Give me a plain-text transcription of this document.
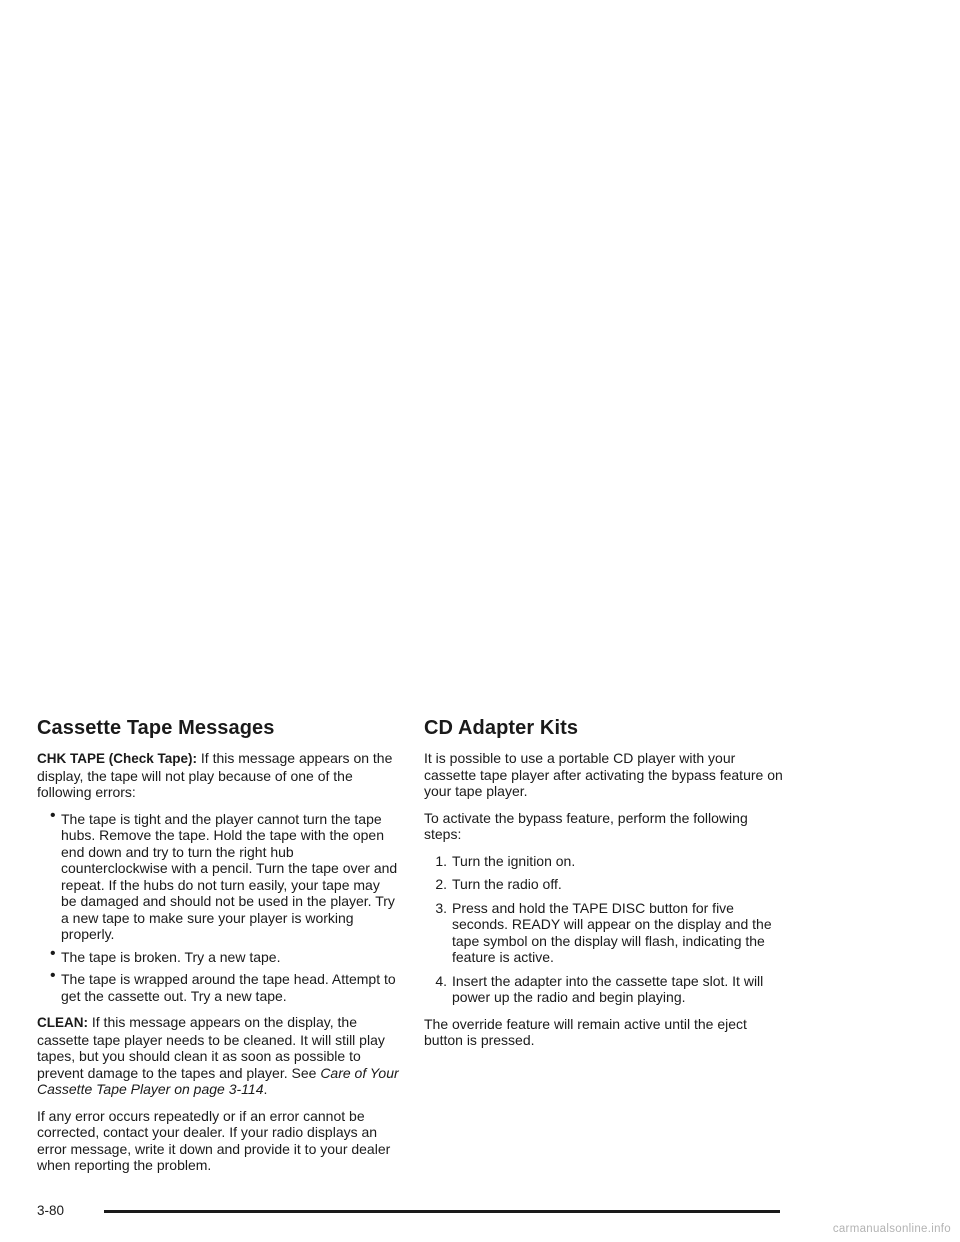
Cassette Tape Messages

CHK TAPE (Check Tape): If this message appears on the display, the tape will not play because of one of the following errors:

• The tape is tight and the player cannot turn the tape hubs. Remove the tape. Hold the tape with the open end down and try to turn the right hub counterclockwise with a pencil. Turn the tape over and repeat. If the hubs do not turn easily, your tape may be damaged and should not be used in the player. Try a new tape to make sure your player is working properly.
• The tape is broken. Try a new tape.
• The tape is wrapped around the tape head. Attempt to get the cassette out. Try a new tape.

CLEAN: If this message appears on the display, the cassette tape player needs to be cleaned. It will still play tapes, but you should clean it as soon as possible to prevent damage to the tapes and player. See Care of Your Cassette Tape Player on page 3-114.

If any error occurs repeatedly or if an error cannot be corrected, contact your dealer. If your radio displays an error message, write it down and provide it to your dealer when reporting the problem.

CD Adapter Kits

It is possible to use a portable CD player with your cassette tape player after activating the bypass feature on your tape player.

To activate the bypass feature, perform the following steps:

1. Turn the ignition on.
2. Turn the radio off.
3. Press and hold the TAPE DISC button for five seconds. READY will appear on the display and the tape symbol on the display will flash, indicating the feature is active.
4. Insert the adapter into the cassette tape slot. It will power up the radio and begin playing.

The override feature will remain active until the eject button is pressed.

3-80
carmanualsonline.info
